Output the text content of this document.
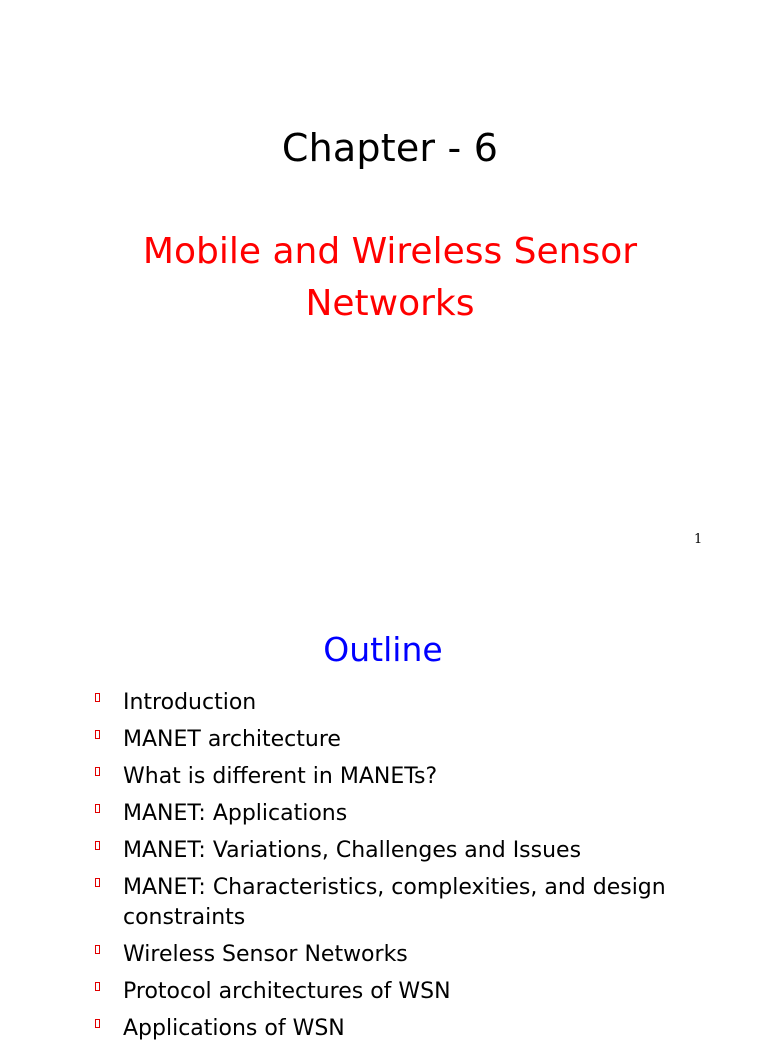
Chapter - 6
Mobile and Wireless Sensor
Networks
1
Outline
Introduction
MANET architecture
What is different in MANETs?
MANET: Applications
MANET: Variations, Challenges and Issues
MANET: Characteristics, complexities, and design constraints
Wireless Sensor Networks
Protocol architectures of WSN
Applications of WSN
